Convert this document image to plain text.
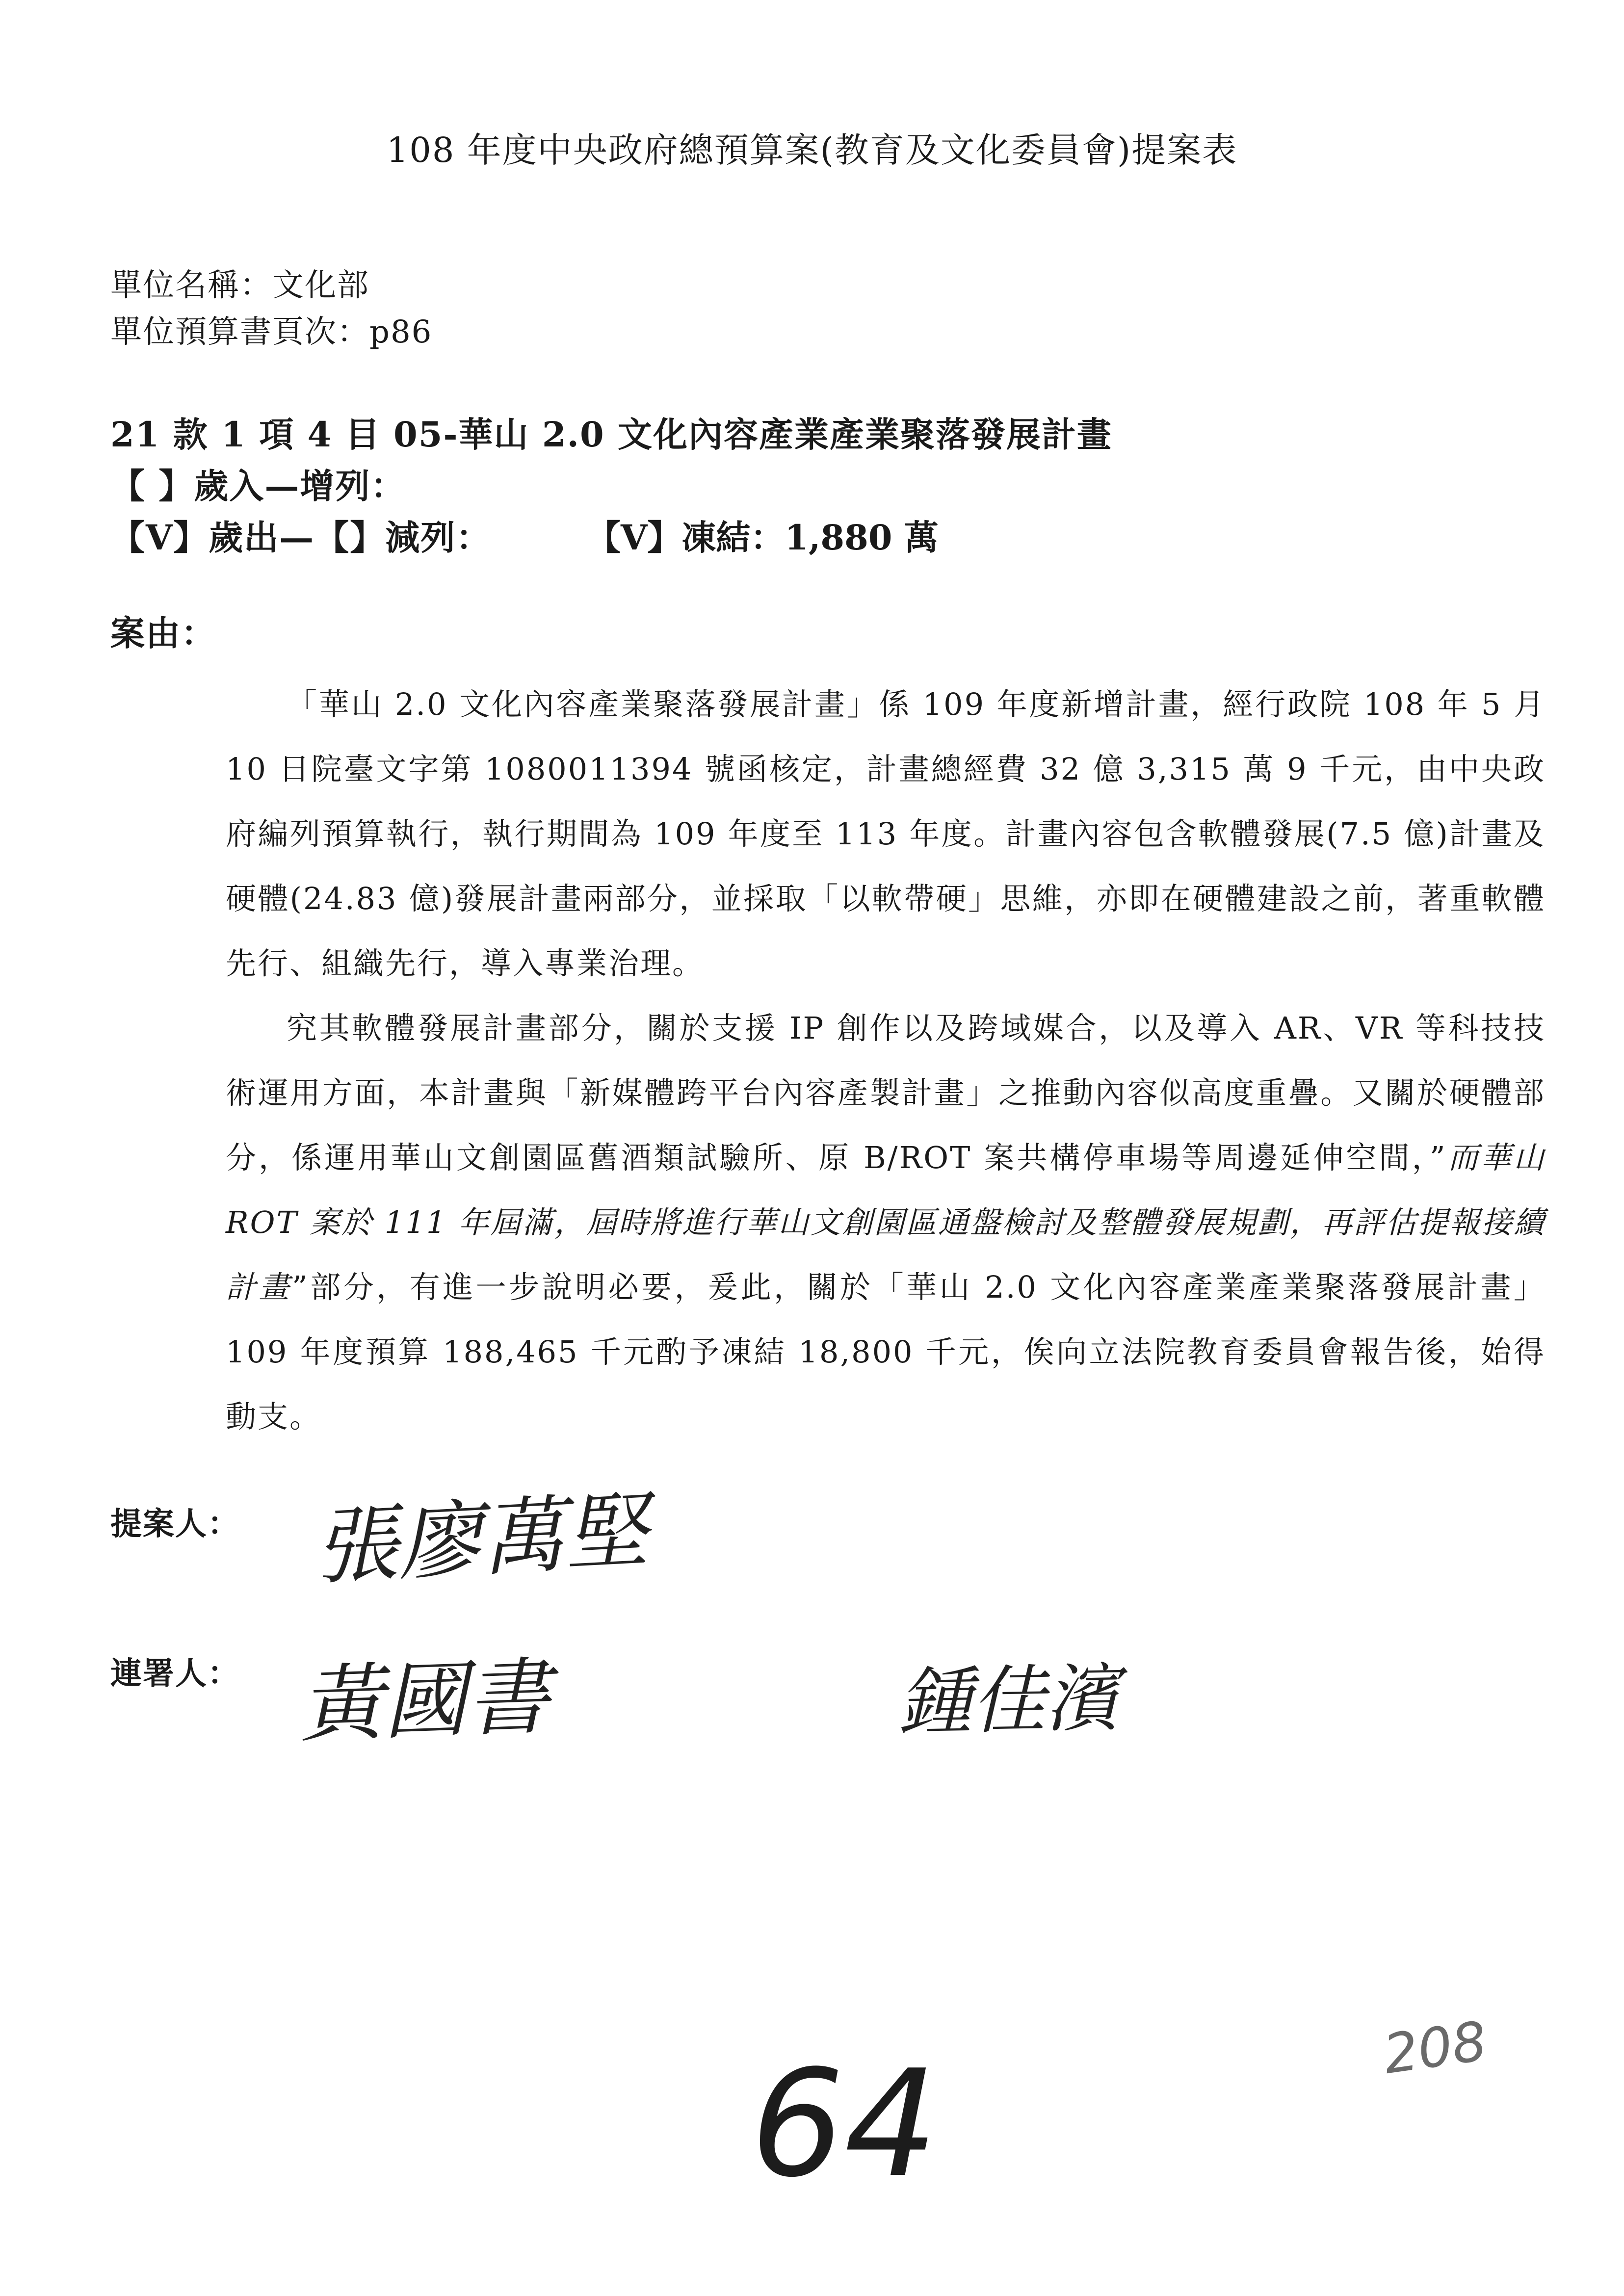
108 年度中央政府總預算案(教育及文化委員會)提案表
單位名稱：文化部
單位預算書頁次：p86
21 款 1 項 4 目 05-華山 2.0 文化內容產業產業聚落發展計畫
【 】歲入—增列：
【V】歲出—【】減列：	【V】凍結：1,880 萬
案由：

「華山 2.0 文化內容產業聚落發展計畫」係 109 年度新增計畫，經行政院 108 年 5 月 10 日院臺文字第 1080011394 號函核定，計畫總經費 32 億 3,315 萬 9 千元，由中央政府編列預算執行，執行期間為 109 年度至 113 年度。計畫內容包含軟體發展(7.5 億)計畫及硬體(24.83 億)發展計畫兩部分，並採取「以軟帶硬」思維，亦即在硬體建設之前，著重軟體先行、組織先行，導入專業治理。

究其軟體發展計畫部分，關於支援 IP 創作以及跨域媒合，以及導入 AR、VR 等科技技術運用方面，本計畫與「新媒體跨平台內容產製計畫」之推動內容似高度重疊。又關於硬體部分，係運用華山文創園區舊酒類試驗所、原 B/ROT 案共構停車場等周邊延伸空間，”而華山 ROT 案於 111 年屆滿，屆時將進行華山文創園區通盤檢討及整體發展規劃，再評估提報接續計畫”部分，有進一步說明必要，爰此，關於「華山 2.0 文化內容產業產業聚落發展計畫」109 年度預算 188,465 千元酌予凍結 18,800 千元，俟向立法院教育委員會報告後，始得動支。

提案人： 張廖萬堅
連署人： 黃國書	鍾佳濱
64	208
